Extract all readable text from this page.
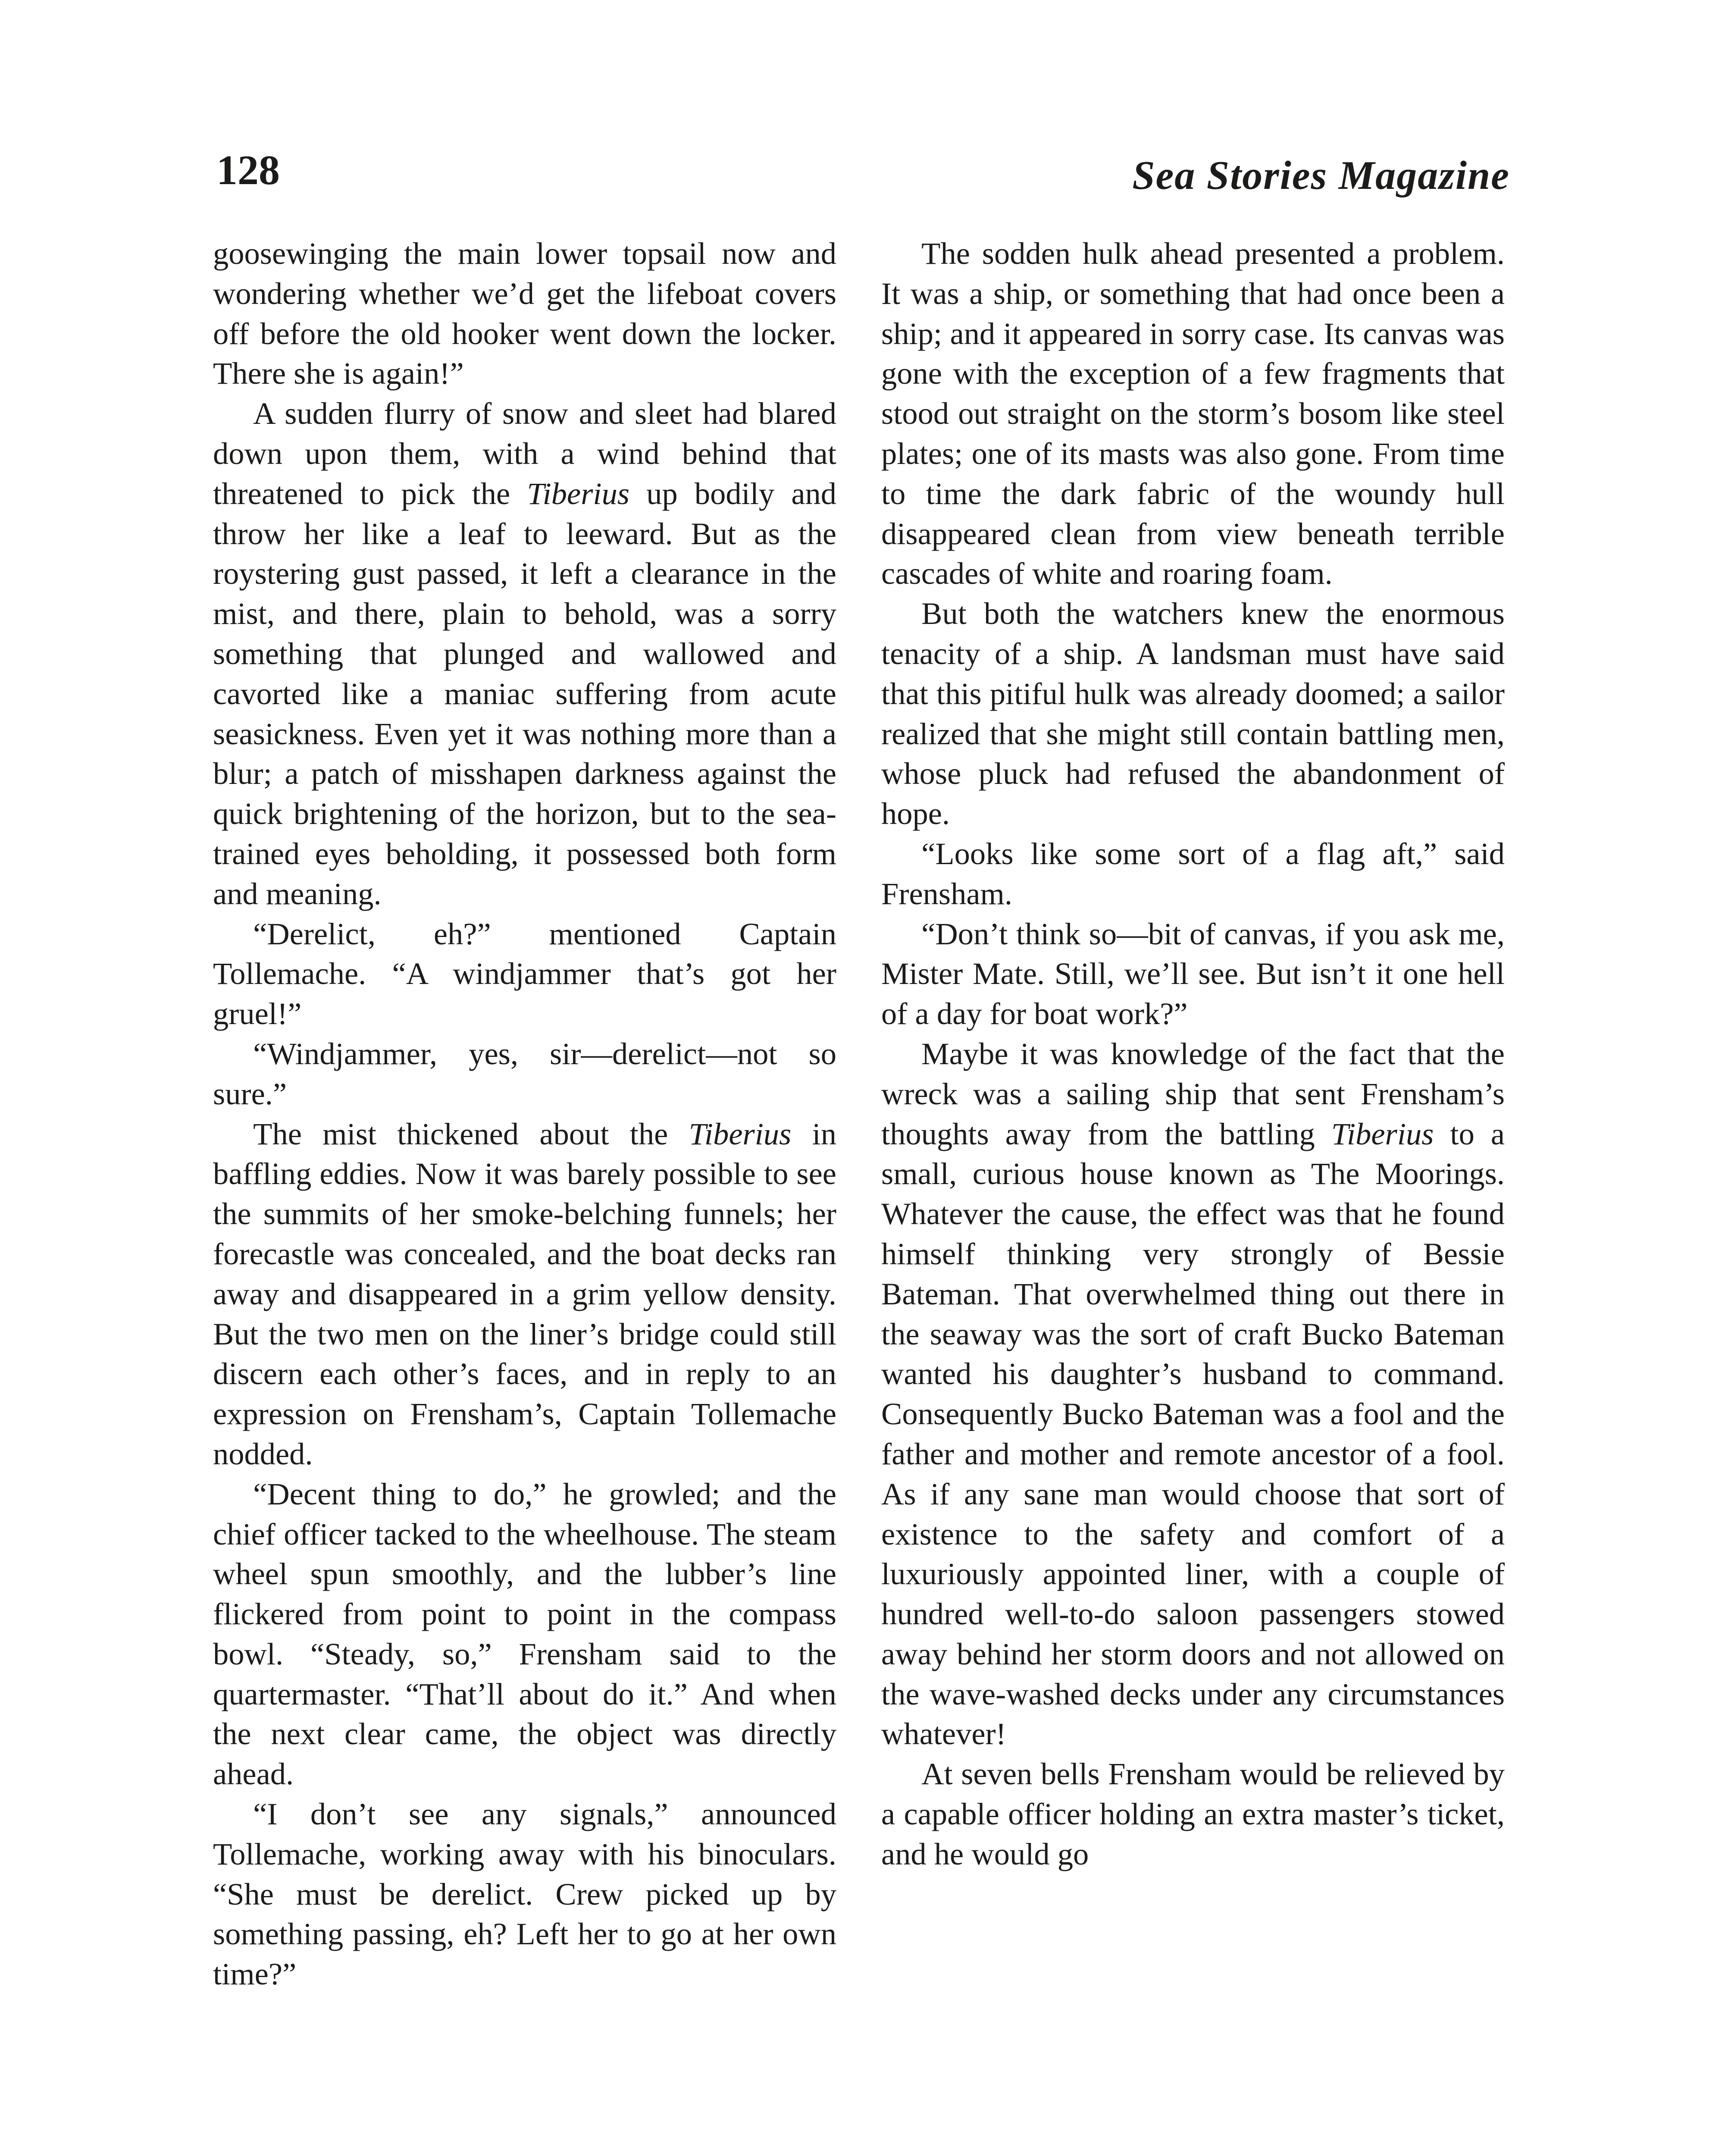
128	Sea Stories Magazine

goosewinging the main lower topsail now and wondering whether we’d get the lifeboat covers off before the old hooker went down the locker. There she is again!”

A sudden flurry of snow and sleet had blared down upon them, with a wind behind that threatened to pick the Tiberius up bodily and throw her like a leaf to leeward. But as the roystering gust passed, it left a clearance in the mist, and there, plain to behold, was a sorry something that plunged and wallowed and cavorted like a maniac suffering from acute seasickness. Even yet it was nothing more than a blur; a patch of misshapen darkness against the quick brightening of the horizon, but to the sea-trained eyes beholding, it possessed both form and meaning.

“Derelict, eh?” mentioned Captain Tollemache. “A windjammer that’s got her gruel!”

“Windjammer, yes, sir—derelict—not so sure.”

The mist thickened about the Tiberius in baffling eddies. Now it was barely possible to see the summits of her smoke-belching funnels; her forecastle was concealed, and the boat decks ran away and disappeared in a grim yellow density. But the two men on the liner’s bridge could still discern each other’s faces, and in reply to an expression on Frensham’s, Captain Tollemache nodded.

“Decent thing to do,” he growled; and the chief officer tacked to the wheelhouse. The steam wheel spun smoothly, and the lubber’s line flickered from point to point in the compass bowl. “Steady, so,” Frensham said to the quartermaster. “That’ll about do it.” And when the next clear came, the object was directly ahead.

“I don’t see any signals,” announced Tollemache, working away with his binoculars. “She must be derelict. Crew picked up by something passing, eh? Left her to go at her own time?”

The sodden hulk ahead presented a problem. It was a ship, or something that had once been a ship; and it appeared in sorry case. Its canvas was gone with the exception of a few fragments that stood out straight on the storm’s bosom like steel plates; one of its masts was also gone. From time to time the dark fabric of the woundy hull disappeared clean from view beneath terrible cascades of white and roaring foam.

But both the watchers knew the enormous tenacity of a ship. A landsman must have said that this pitiful hulk was already doomed; a sailor realized that she might still contain battling men, whose pluck had refused the abandonment of hope.

“Looks like some sort of a flag aft,” said Frensham.

“Don’t think so—bit of canvas, if you ask me, Mister Mate. Still, we’ll see. But isn’t it one hell of a day for boat work?”

Maybe it was knowledge of the fact that the wreck was a sailing ship that sent Frensham’s thoughts away from the battling Tiberius to a small, curious house known as The Moorings. Whatever the cause, the effect was that he found himself thinking very strongly of Bessie Bateman. That overwhelmed thing out there in the seaway was the sort of craft Bucko Bateman wanted his daughter’s husband to command. Consequently Bucko Bateman was a fool and the father and mother and remote ancestor of a fool. As if any sane man would choose that sort of existence to the safety and comfort of a luxuriously appointed liner, with a couple of hundred well-to-do saloon passengers stowed away behind her storm doors and not allowed on the wave-washed decks under any circumstances whatever!

At seven bells Frensham would be relieved by a capable officer holding an extra master’s ticket, and he would go
